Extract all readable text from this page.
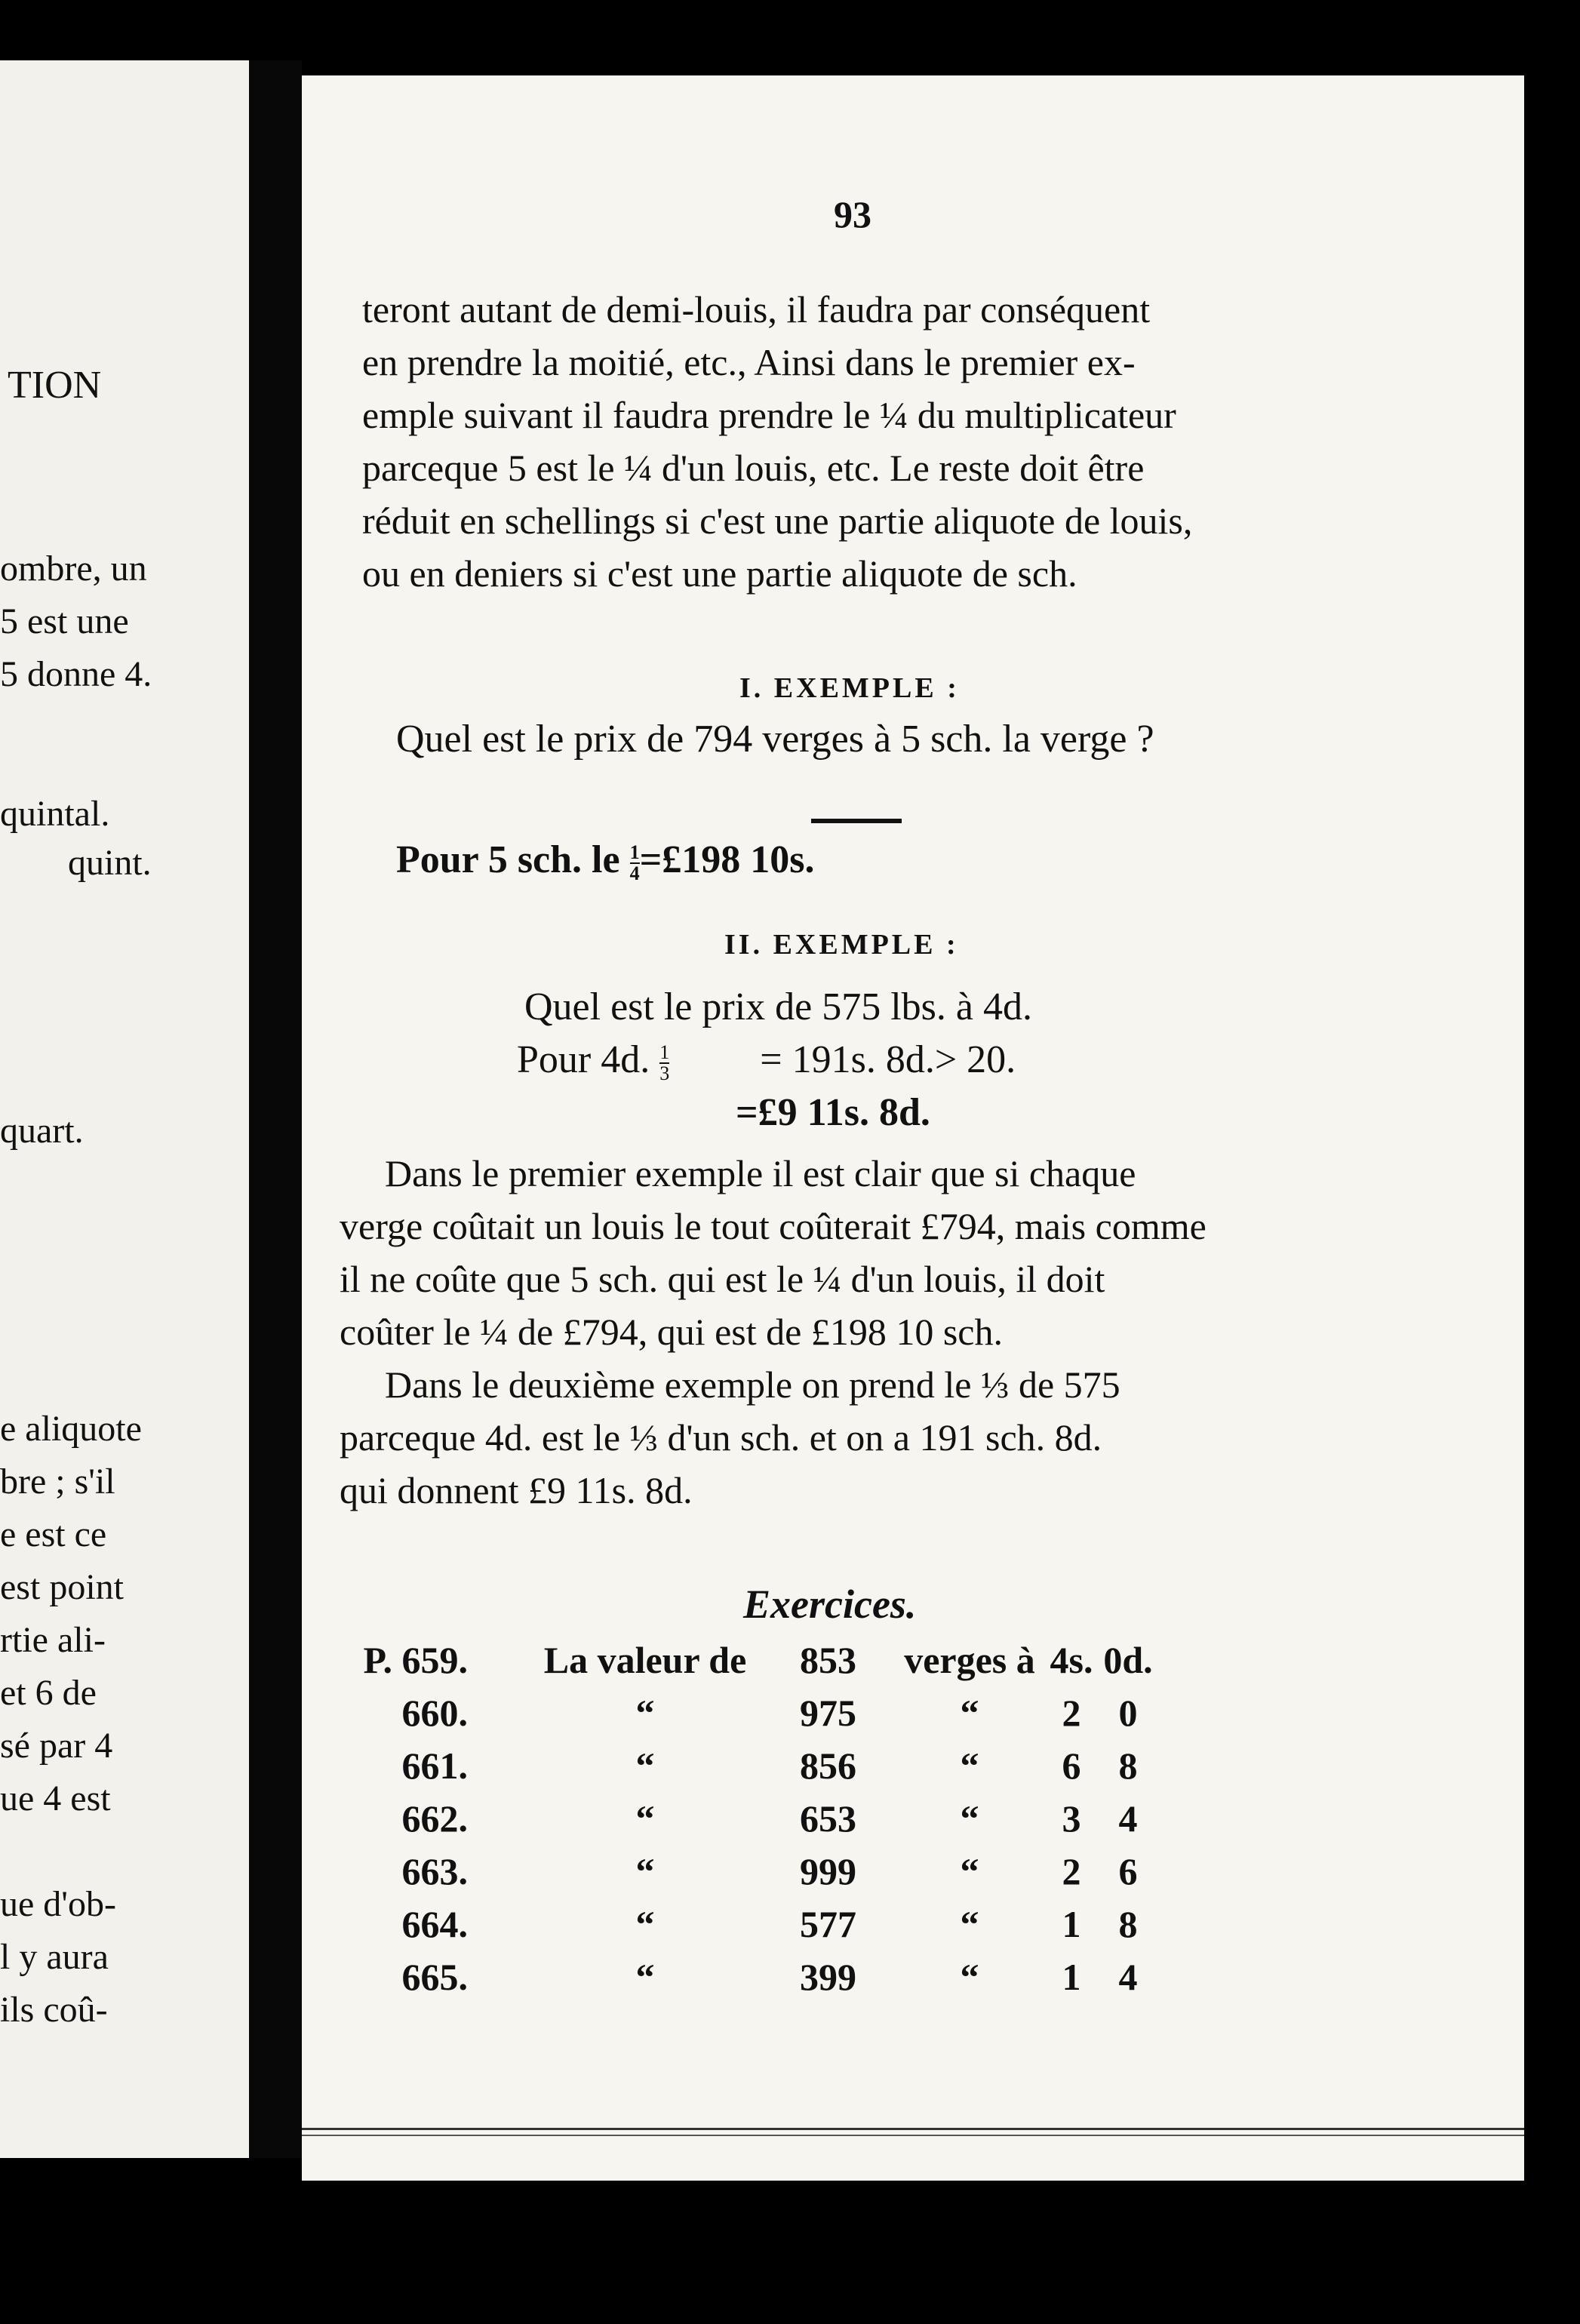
TION
ombre, un
5 est une
5 donne 4.
quintal.
quint.
quart.
e aliquote
bre ; s'il
e est ce
est point
rtie ali-
et 6 de
sé par 4
ue 4 est
ue d'ob-
l y aura
ils coû-
93
teront autant de demi-louis, il faudra par conséquent
en prendre la moitié, etc., Ainsi dans le premier ex-
emple suivant il faudra prendre le ¼ du multiplicateur
parceque 5 est le ¼ d'un louis, etc. Le reste doit être
réduit en schellings si c'est une partie aliquote de louis,
ou en deniers si c'est une partie aliquote de sch.
I. EXEMPLE :
Quel est le prix de 794 verges à 5 sch. la verge ?
Pour 5 sch. le $\frac{1}{4}$ =£198 10s.
II. EXEMPLE :
Quel est le prix de 575 lbs. à 4d.
Pour 4d. $\frac{1}{3} = 191s$. 8d.> 20.
=£9 11s. 8d.
Dans le premier exemple il est clair que si chaque
verge coûtait un louis le tout coûterait £794, mais comme
il ne coûte que 5 sch. qui est le ¼ d'un louis, il doit
coûter le ¼ de £794, qui est de £198 10 sch.
Dans le deuxième exemple on prend le ⅓ de 575
parceque 4d. est le ⅓ d'un sch. et on a 191 sch. 8d.
qui donnent £9 11s. 8d.
Exercices.
P. 659.	La valeur de	853	verges à	4s.	0d.
660.	“	975	“	2	0
661.	“	856	“	6	8
662.	“	653	“	3	4
663.	“	999	“	2	6
664.	“	577	“	1	8
665.	“	399	“	1	4
